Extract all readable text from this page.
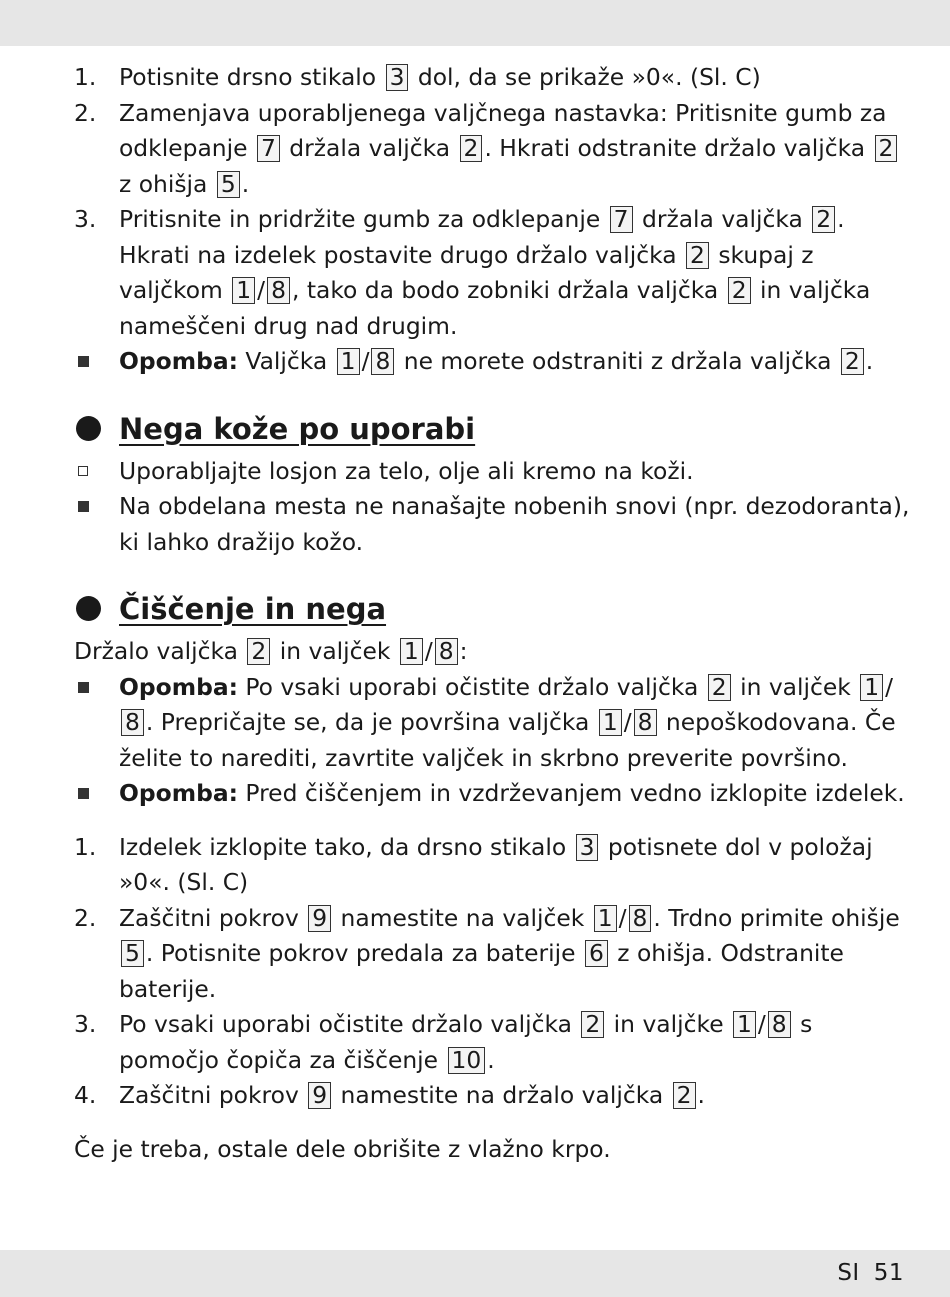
1. Potisnite drsno stikalo 3 dol, da se prikaže »0«. (Sl. C)
2. Zamenjava uporabljenega valjčnega nastavka: Pritisnite gumb za odklepanje 7 držala valjčka 2 . Hkrati odstranite držalo valjčka 2 z ohišja 5 .
3. Pritisnite in pridržite gumb za odklepanje 7 držala valjčka 2 . Hkrati na izdelek postavite drugo držalo valjčka 2 skupaj z valjčkom 1 / 8 , tako da bodo zobniki držala valjčka 2 in valjčka nameščeni drug nad drugim.
Opomba: Valjčka 1 / 8 ne morete odstraniti z držala valjčka 2 .
Nega kože po uporabi
Uporabljajte losjon za telo, olje ali kremo na koži.
Na obdelana mesta ne nanašajte nobenih snovi (npr. dezodoranta), ki lahko dražijo kožo.
Čiščenje in nega
Držalo valjčka 2 in valjček 1 / 8 :
Opomba: Po vsaki uporabi očistite držalo valjčka 2 in valjček 1 /8 . Prepričajte se, da je površina valjčka 1 / 8 nepoškodovana. Če želite to narediti, zavrtite valjček in skrbno preverite površino.
Opomba: Pred čiščenjem in vzdrževanjem vedno izklopite izdelek.
1. Izdelek izklopite tako, da drsno stikalo 3 potisnete dol v položaj »0«. (Sl. C)
2. Zaščitni pokrov 9 namestite na valjček 1 / 8 . Trdno primite ohišje 5 . Potisnite pokrov predala za baterije 6 z ohišja. Odstranite baterije.
3. Po vsaki uporabi očistite držalo valjčka 2 in valjčke 1 / 8 s pomočjo čopiča za čiščenje 10 .
4. Zaščitni pokrov 9 namestite na držalo valjčka 2 .
Če je treba, ostale dele obrišite z vlažno krpo.
SI 51
